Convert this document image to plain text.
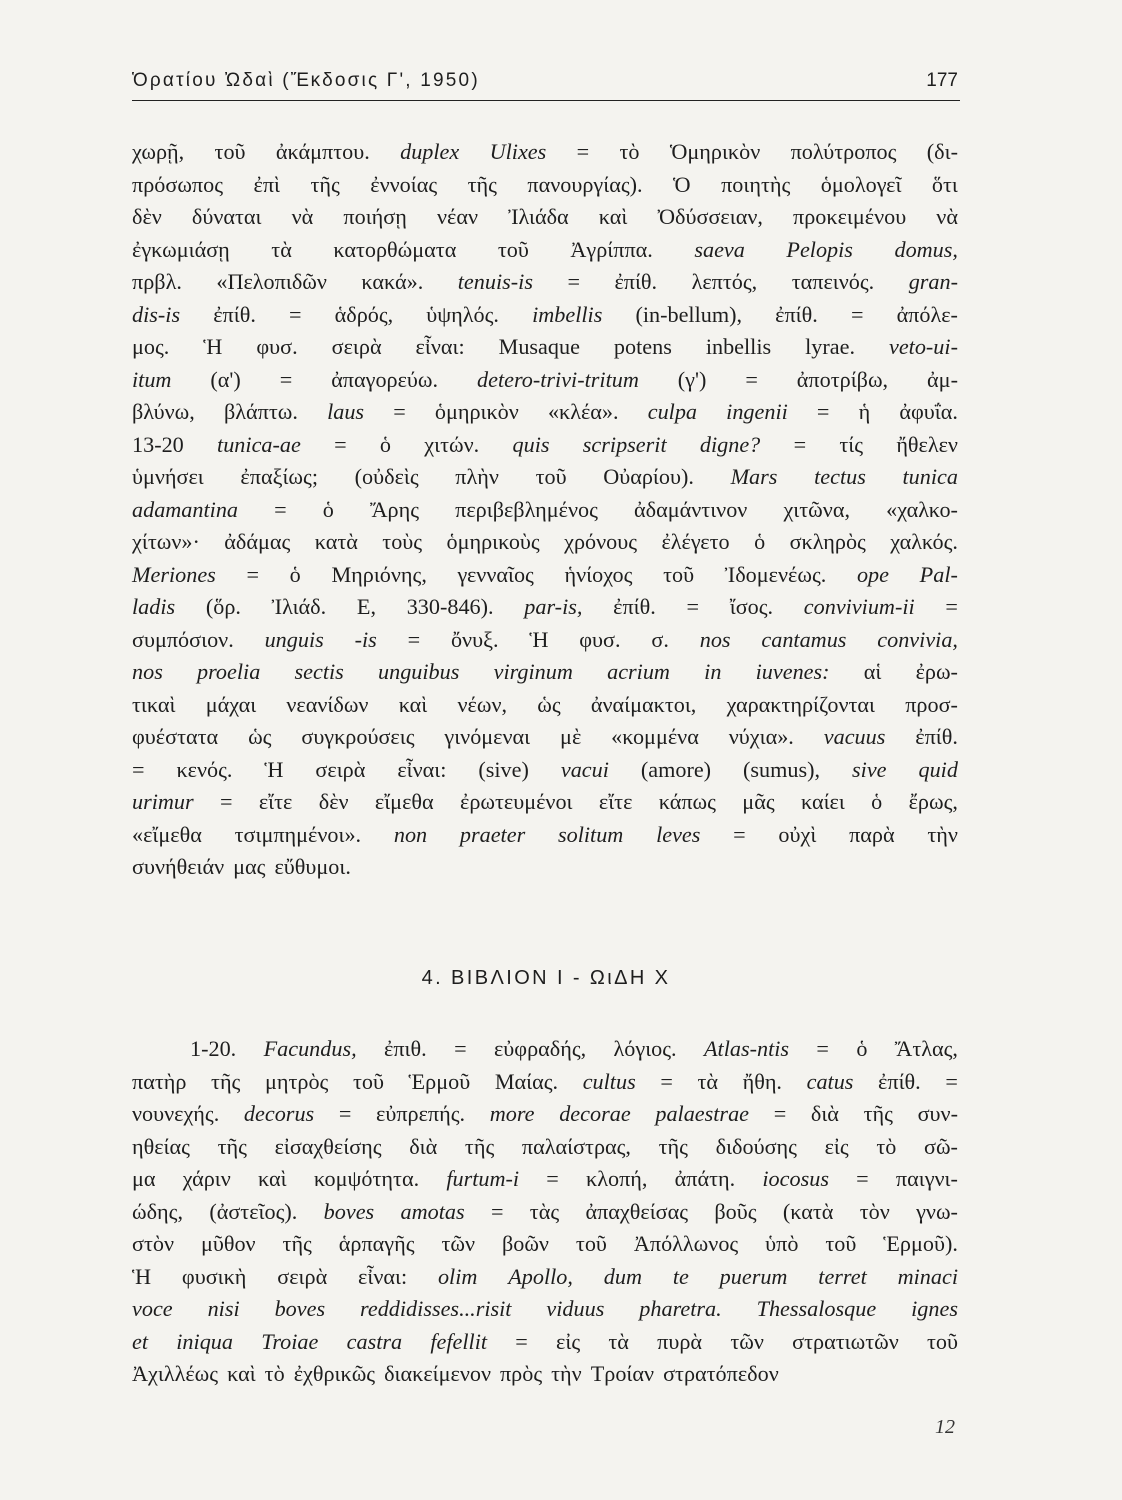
Ὁρατίου Ὠδαὶ (Ἔκδοσις Γ', 1950)	177
χωρῇ, τοῦ ἀκάμπτου. duplex Ulixes = τὸ Ὁμηρικὸν πολύτροπος (δι-
πρόσωπος ἐπὶ τῆς ἐννοίας τῆς πανουργίας). Ὁ ποιητὴς ὁμολογεῖ ὅτι
δὲν δύναται νὰ ποιήσῃ νέαν Ἰλιάδα καὶ Ὀδύσσειαν, προκειμένου νὰ
ἐγκωμιάσῃ τὰ κατορθώματα τοῦ Ἀγρίππα. saeva Pelopis domus,
πρβλ. «Πελοπιδῶν κακά». tenuis-is = ἐπίθ. λεπτός, ταπεινός. gran-
dis-is ἐπίθ. = ἁδρός, ὑψηλός. imbellis (in-bellum), ἐπίθ. = ἀπόλε-
μος. Ἡ φυσ. σειρὰ εἶναι: Musaque potens inbellis lyrae. veto-ui-
itum (α') = ἀπαγορεύω. detero-trivi-tritum (γ') = ἀποτρίβω, ἀμ-
βλύνω, βλάπτω. laus = ὁμηρικὸν «κλέα». culpa ingenii = ἡ ἀφυΐα.
13-20 tunica-ae = ὁ χιτών. quis scripserit digne? = τίς ἤθελεν
ὑμνήσει ἐπαξίως; (οὐδεὶς πλὴν τοῦ Οὐαρίου). Mars tectus tunica
adamantina = ὁ Ἄρης περιβεβλημένος ἀδαμάντινον χιτῶνα, «χαλκο-
χίτων»· ἀδάμας κατὰ τοὺς ὁμηρικοὺς χρόνους ἐλέγετο ὁ σκληρὸς χαλκός.
Meriones = ὁ Μηριόνης, γενναῖος ἡνίοχος τοῦ Ἰδομενέως. ope Pal-
ladis (ὅρ. Ἰλιάδ. Ε, 330-846). par-is, ἐπίθ. = ἴσος. convivium-ii =
συμπόσιον. unguis -is = ὄνυξ. Ἡ φυσ. σ. nos cantamus convivia,
nos proelia sectis unguibus virginum acrium in iuvenes: αἱ ἐρω-
τικαὶ μάχαι νεανίδων καὶ νέων, ὡς ἀναίμακτοι, χαρακτηρίζονται προσ-
φυέστατα ὡς συγκρούσεις γινόμεναι μὲ «κομμένα νύχια». vacuus ἐπίθ.
= κενός. Ἡ σειρὰ εἶναι: (sive) vacui (amore) (sumus), sive quid
urimur = εἴτε δὲν εἴμεθα ἐρωτευμένοι εἴτε κάπως μᾶς καίει ὁ ἔρως,
«εἴμεθα τσιμπημένοι». non praeter solitum leves = οὐχὶ παρὰ τὴν
συνήθειάν μας εὔθυμοι.
4. ΒΙΒΛΙΟΝ Ι - ΩιΔΗ Χ
1-20. Facundus, ἐπιθ. = εὐφραδής, λόγιος. Atlas-ntis = ὁ Ἄτλας,
πατὴρ τῆς μητρὸς τοῦ Ἑρμοῦ Μαίας. cultus = τὰ ἤθη. catus ἐπίθ. =
νουνεχής. decorus = εὐπρεπής. more decorae palaestrae = διὰ τῆς συν-
ηθείας τῆς εἰσαχθείσης διὰ τῆς παλαίστρας, τῆς διδούσης εἰς τὸ σῶ-
μα χάριν καὶ κομψότητα. furtum-i = κλοπή, ἀπάτη. iocosus = παιγνι-
ώδης, (ἀστεῖος). boves amotas = τὰς ἀπαχθείσας βοῦς (κατὰ τὸν γνω-
στὸν μῦθον τῆς ἁρπαγῆς τῶν βοῶν τοῦ Ἀπόλλωνος ὑπὸ τοῦ Ἑρμοῦ).
Ἡ φυσικὴ σειρὰ εἶναι: olim Apollo, dum te puerum terret minaci
voce nisi boves reddidisses...risit viduus pharetra. Thessalosque ignes
et iniqua Troiae castra fefellit = εἰς τὰ πυρὰ τῶν στρατιωτῶν τοῦ
Ἀχιλλέως καὶ τὸ ἐχθρικῶς διακείμενον πρὸς τὴν Τροίαν στρατόπεδον
12
